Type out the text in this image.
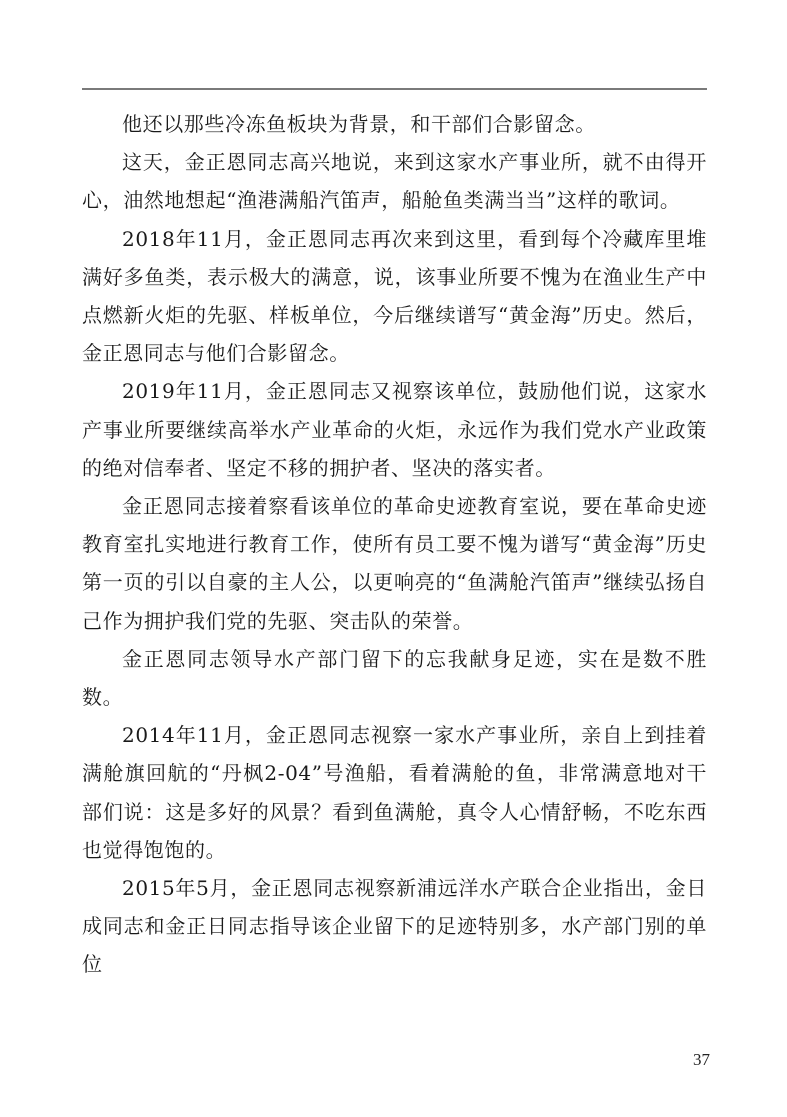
他还以那些冷冻鱼板块为背景，和干部们合影留念。

这天，金正恩同志高兴地说，来到这家水产事业所，就不由得开心，油然地想起“渔港满船汽笛声，船舱鱼类满当当”这样的歌词。

2018年11月，金正恩同志再次来到这里，看到每个冷藏库里堆满好多鱼类，表示极大的满意，说，该事业所要不愧为在渔业生产中点燃新火炬的先驱、样板单位，今后继续谱写“黄金海”历史。然后，金正恩同志与他们合影留念。

2019年11月，金正恩同志又视察该单位，鼓励他们说，这家水产事业所要继续高举水产业革命的火炬，永远作为我们党水产业政策的绝对信奉者、坚定不移的拥护者、坚决的落实者。

金正恩同志接着察看该单位的革命史迹教育室说，要在革命史迹教育室扎实地进行教育工作，使所有员工要不愧为谱写“黄金海”历史第一页的引以自豪的主人公，以更响亮的“鱼满舱汽笛声”继续弘扬自己作为拥护我们党的先驱、突击队的荣誉。

金正恩同志领导水产部门留下的忘我献身足迹，实在是数不胜数。

2014年11月，金正恩同志视察一家水产事业所，亲自上到挂着满舱旗回航的“丹枫2-04”号渔船，看着满舱的鱼，非常满意地对干部们说：这是多好的风景？看到鱼满舱，真令人心情舒畅，不吃东西也觉得饱饱的。

2015年5月，金正恩同志视察新浦远洋水产联合企业指出，金日成同志和金正日同志指导该企业留下的足迹特别多，水产部门别的单位

37
